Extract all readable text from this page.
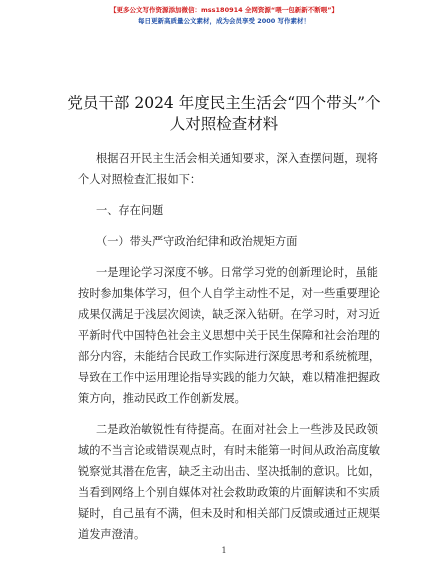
【更多公文写作资源添加微信：mss180914 全网资源“喂一包新新不断喂”】
每日更新高质量公文素材，成为会员享受 2000 写作素材！
党员干部 2024 年度民主生活会“四个带头”个
人对照检查材料
根据召开民主生活会相关通知要求，深入查摆问题，现将
个人对照检查汇报如下：
一、存在问题
（一）带头严守政治纪律和政治规矩方面
一是理论学习深度不够。日常学习党的创新理论时，虽能
按时参加集体学习，但个人自学主动性不足，对一些重要理论
成果仅满足于浅层次阅读，缺乏深入钻研。在学习时，对习近
平新时代中国特色社会主义思想中关于民生保障和社会治理的
部分内容，未能结合民政工作实际进行深度思考和系统梳理，
导致在工作中运用理论指导实践的能力欠缺，难以精准把握政
策方向，推动民政工作创新发展。
二是政治敏锐性有待提高。在面对社会上一些涉及民政领
域的不当言论或错误观点时，有时未能第一时间从政治高度敏
锐察觉其潜在危害，缺乏主动出击、坚决抵制的意识。比如，
当看到网络上个别自媒体对社会救助政策的片面解读和不实质
疑时，自己虽有不满，但未及时和相关部门反馈或通过正规渠
道发声澄清。
1
